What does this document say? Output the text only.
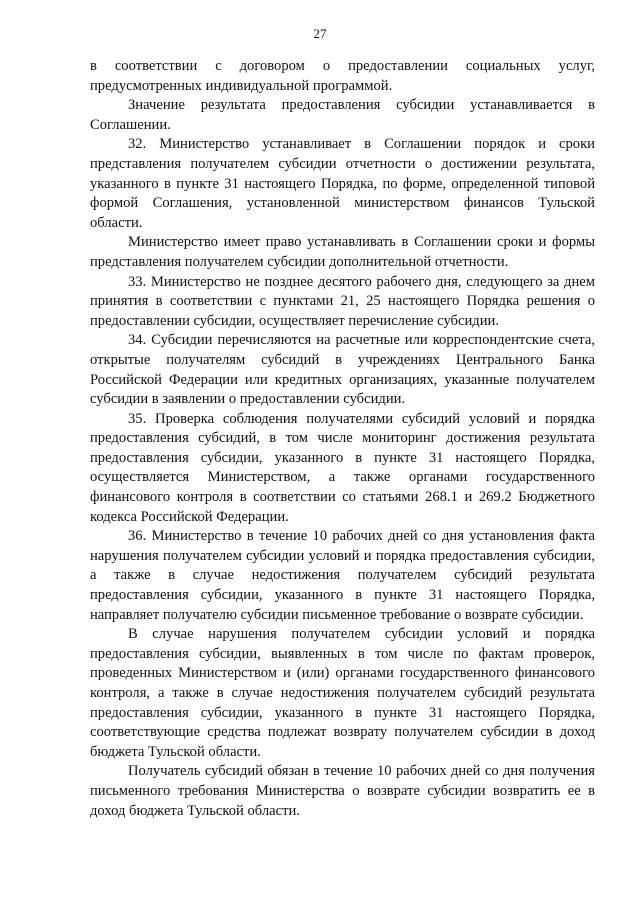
27

в соответствии с договором о предоставлении социальных услуг, предусмотренных индивидуальной программой.

Значение результата предоставления субсидии устанавливается в Соглашении.

32. Министерство устанавливает в Соглашении порядок и сроки представления получателем субсидии отчетности о достижении результата, указанного в пункте 31 настоящего Порядка, по форме, определенной типовой формой Соглашения, установленной министерством финансов Тульской области.

Министерство имеет право устанавливать в Соглашении сроки и формы представления получателем субсидии дополнительной отчетности.

33. Министерство не позднее десятого рабочего дня, следующего за днем принятия в соответствии с пунктами 21, 25 настоящего Порядка решения о предоставлении субсидии, осуществляет перечисление субсидии.

34. Субсидии перечисляются на расчетные или корреспондентские счета, открытые получателям субсидий в учреждениях Центрального Банка Российской Федерации или кредитных организациях, указанные получателем субсидии в заявлении о предоставлении субсидии.

35. Проверка соблюдения получателями субсидий условий и порядка предоставления субсидий, в том числе мониторинг достижения результата предоставления субсидии, указанного в пункте 31 настоящего Порядка, осуществляется Министерством, а также органами государственного финансового контроля в соответствии со статьями 268.1 и 269.2 Бюджетного кодекса Российской Федерации.

36. Министерство в течение 10 рабочих дней со дня установления факта нарушения получателем субсидии условий и порядка предоставления субсидии, а также в случае недостижения получателем субсидий результата предоставления субсидии, указанного в пункте 31 настоящего Порядка, направляет получателю субсидии письменное требование о возврате субсидии.

В случае нарушения получателем субсидии условий и порядка предоставления субсидии, выявленных в том числе по фактам проверок, проведенных Министерством и (или) органами государственного финансового контроля, а также в случае недостижения получателем субсидий результата предоставления субсидии, указанного в пункте 31 настоящего Порядка, соответствующие средства подлежат возврату получателем субсидии в доход бюджета Тульской области.

Получатель субсидий обязан в течение 10 рабочих дней со дня получения письменного требования Министерства о возврате субсидии возвратить ее в доход бюджета Тульской области.
